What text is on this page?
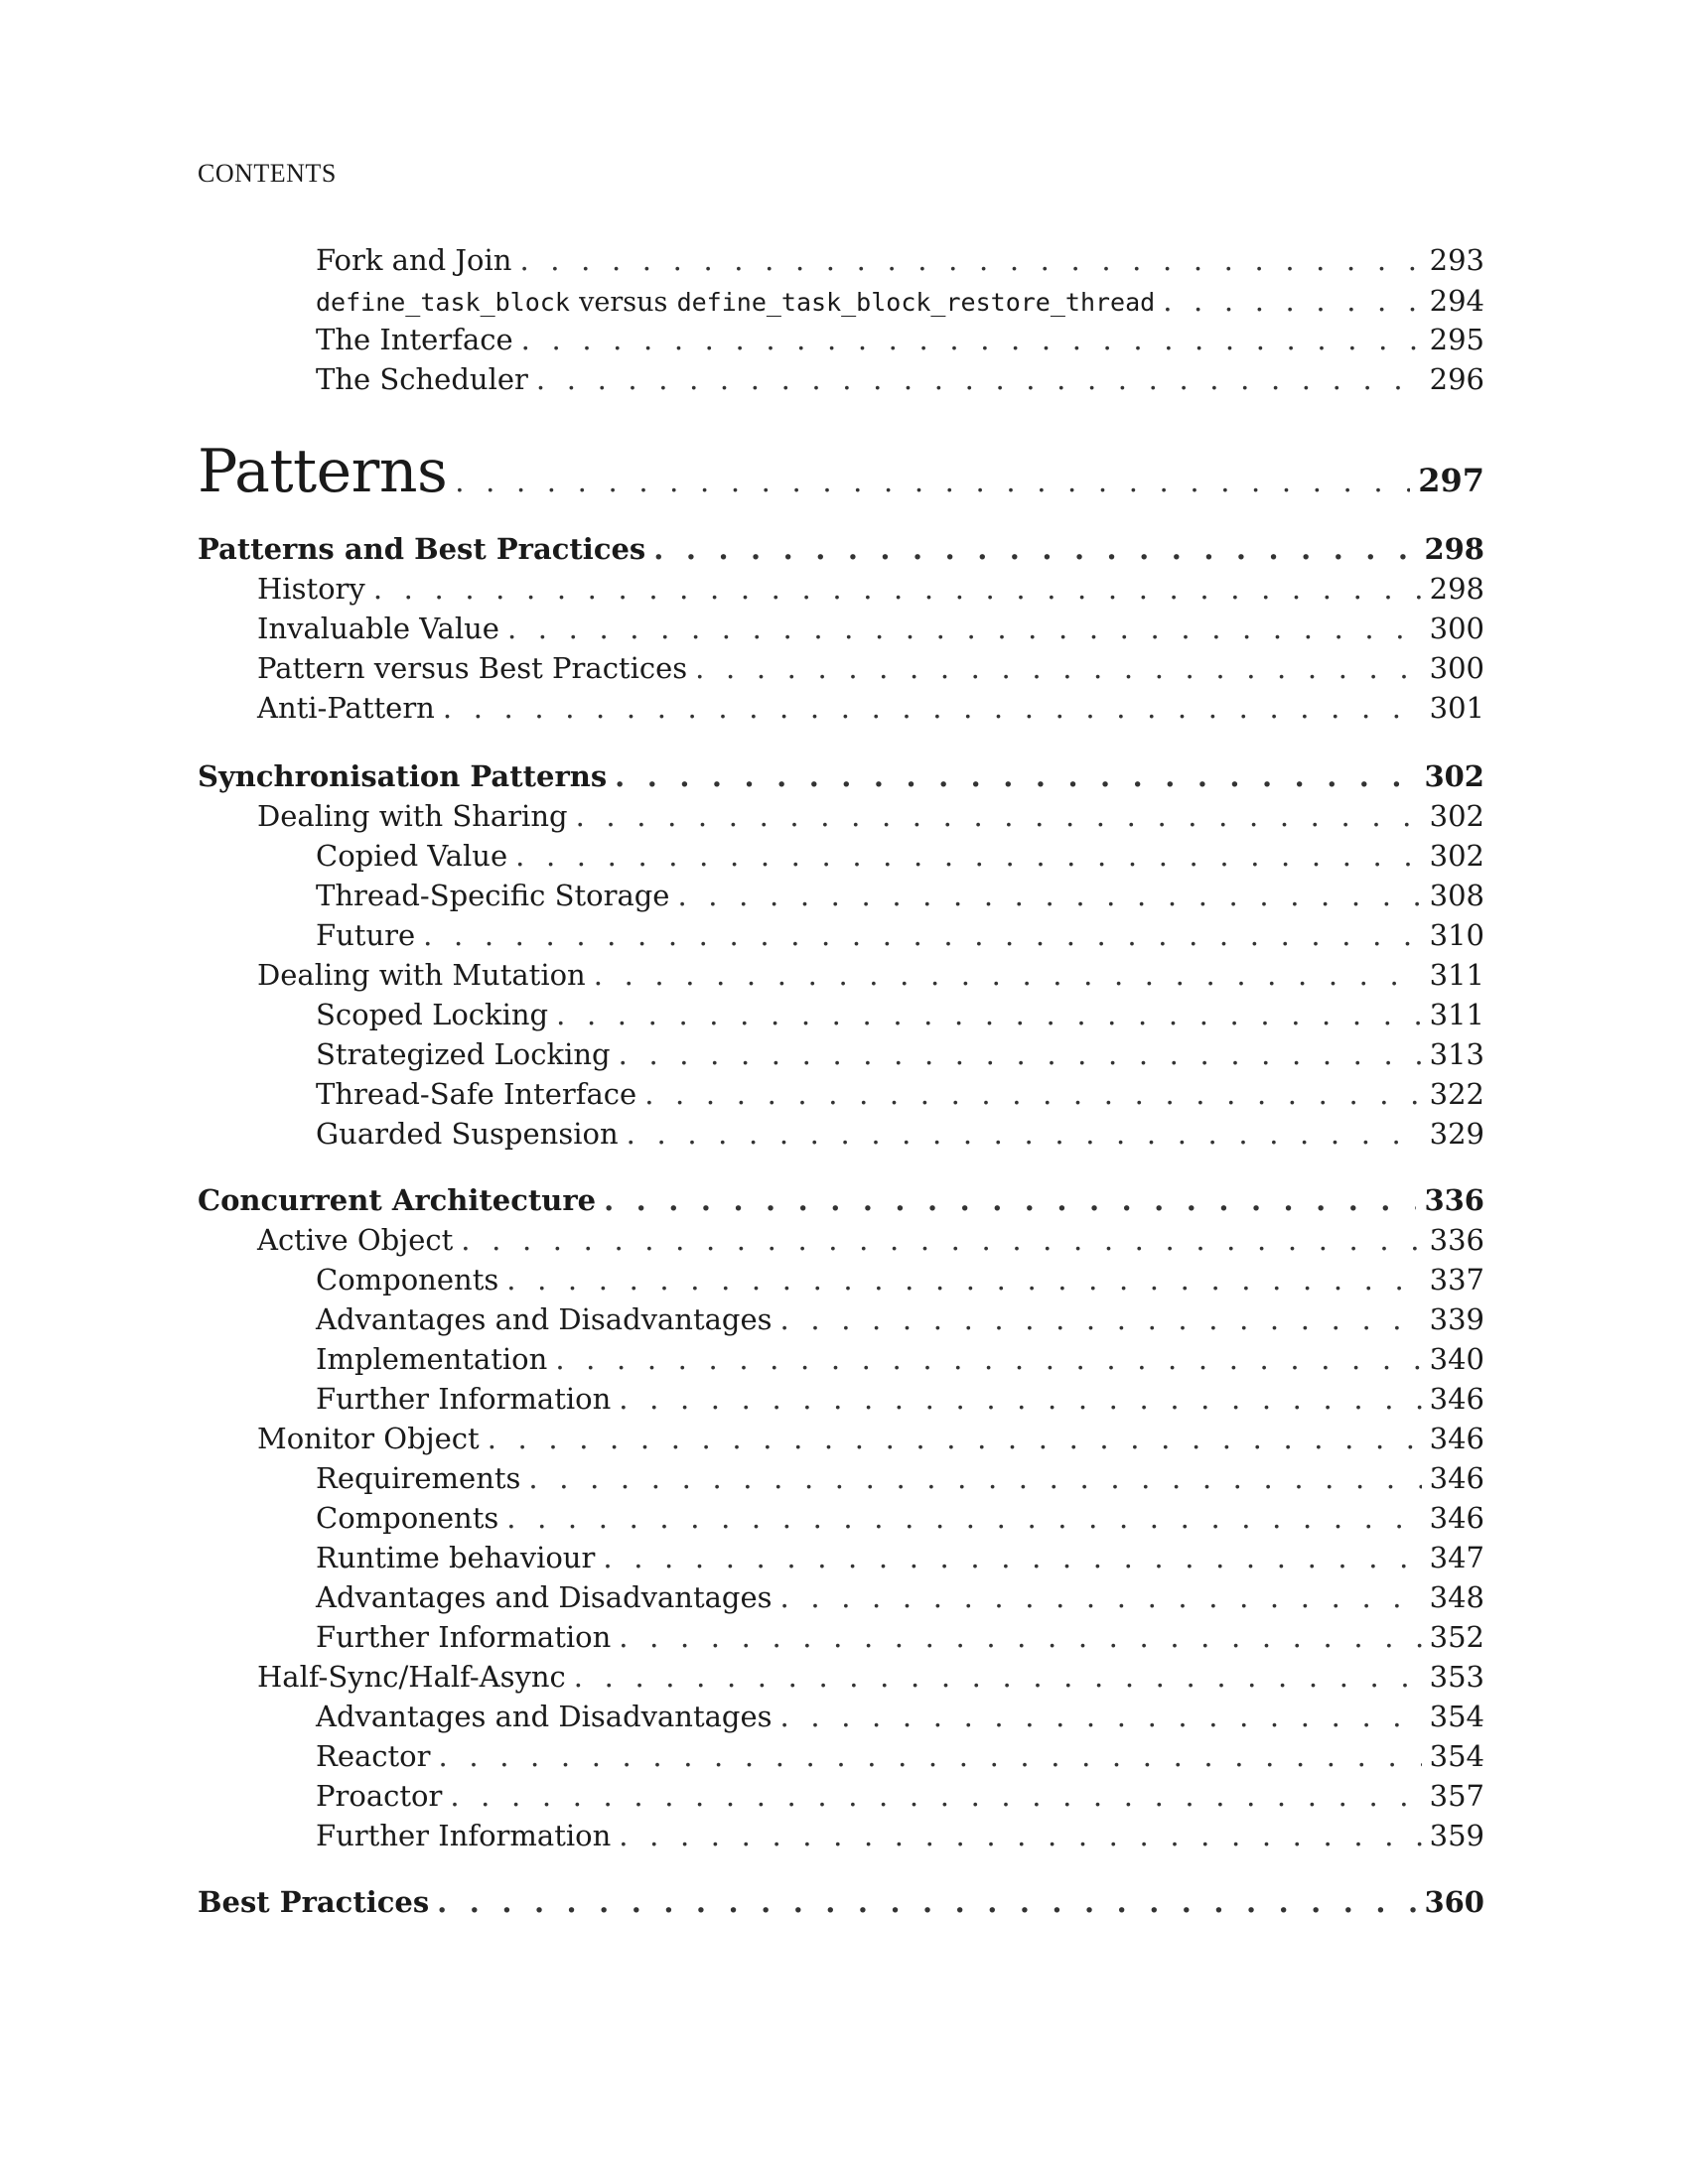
CONTENTS
Fork and Join . . .	293
define_task_block versus define_task_block_restore_thread . . .	294
The Interface . . .	295
The Scheduler . . .	296
Patterns . . .	297
Patterns and Best Practices . . .	298
History . . .	298
Invaluable Value . . .	300
Pattern versus Best Practices . . .	300
Anti-Pattern . . .	301
Synchronisation Patterns . . .	302
Dealing with Sharing . . .	302
Copied Value . . .	302
Thread-Specific Storage . . .	308
Future . . .	310
Dealing with Mutation . . .	311
Scoped Locking . . .	311
Strategized Locking . . .	313
Thread-Safe Interface . . .	322
Guarded Suspension . . .	329
Concurrent Architecture . . .	336
Active Object . . .	336
Components . . .	337
Advantages and Disadvantages . . .	339
Implementation . . .	340
Further Information . . .	346
Monitor Object . . .	346
Requirements . . .	346
Components . . .	346
Runtime behaviour . . .	347
Advantages and Disadvantages . . .	348
Further Information . . .	352
Half-Sync/Half-Async . . .	353
Advantages and Disadvantages . . .	354
Reactor . . .	354
Proactor . . .	357
Further Information . . .	359
Best Practices . . .	360
